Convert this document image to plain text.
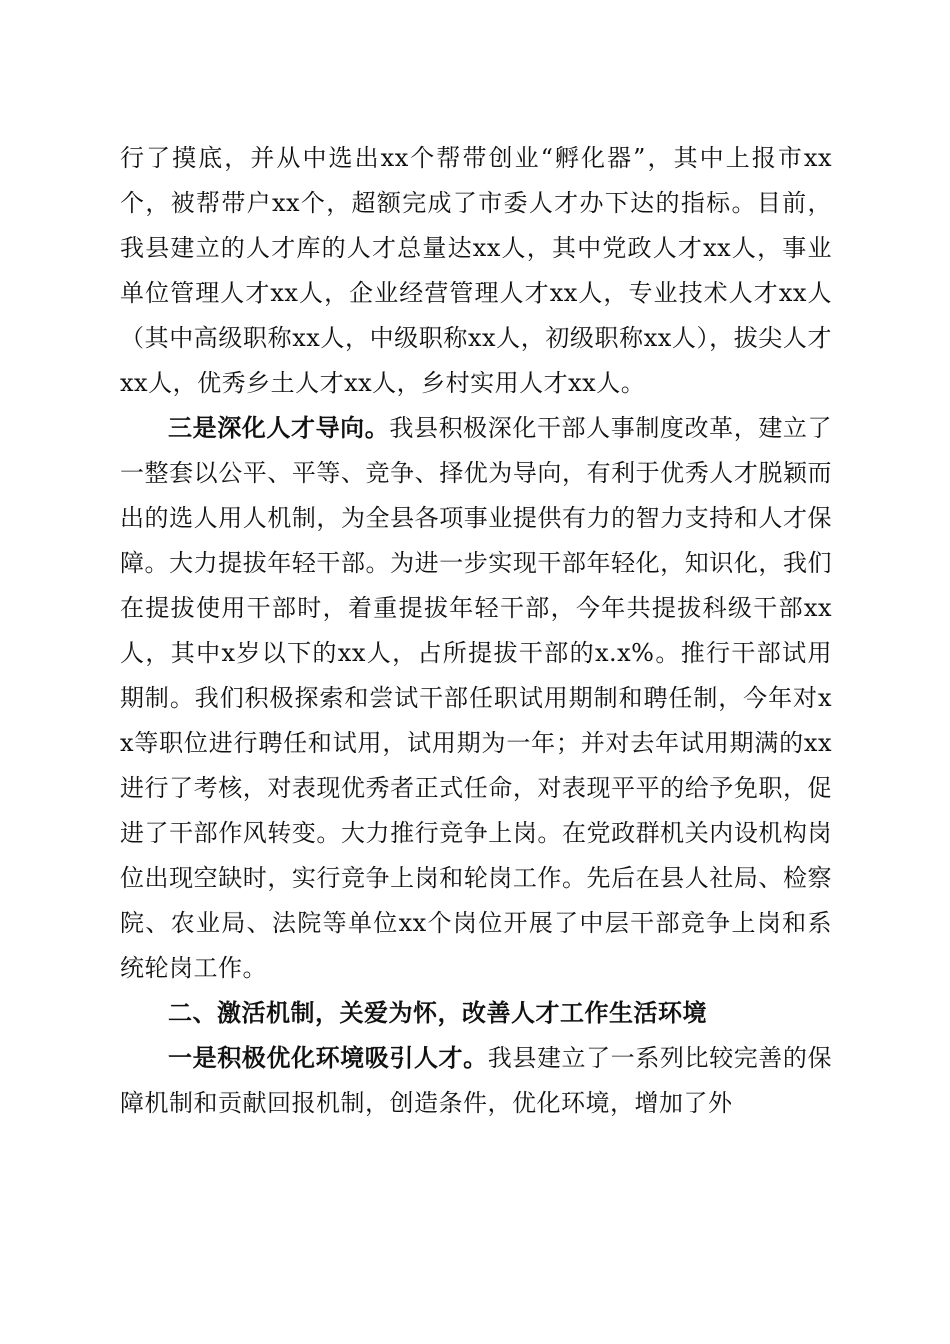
行了摸底，并从中选出xx个帮带创业“孵化器”，其中上报市xx个，被帮带户xx个，超额完成了市委人才办下达的指标。目前，我县建立的人才库的人才总量达xx人，其中党政人才xx人，事业单位管理人才xx人，企业经营管理人才xx人，专业技术人才xx人（其中高级职称xx人，中级职称xx人，初级职称xx人），拔尖人才xx人，优秀乡土人才xx人，乡村实用人才xx人。

三是深化人才导向。我县积极深化干部人事制度改革，建立了一整套以公平、平等、竞争、择优为导向，有利于优秀人才脱颖而出的选人用人机制，为全县各项事业提供有力的智力支持和人才保障。大力提拔年轻干部。为进一步实现干部年轻化，知识化，我们在提拔使用干部时，着重提拔年轻干部，今年共提拔科级干部xx人，其中x岁以下的xx人，占所提拔干部的x.x%。推行干部试用期制。我们积极探索和尝试干部任职试用期制和聘任制，今年对xx等职位进行聘任和试用，试用期为一年；并对去年试用期满的xx进行了考核，对表现优秀者正式任命，对表现平平的给予免职，促进了干部作风转变。大力推行竞争上岗。在党政群机关内设机构岗位出现空缺时，实行竞争上岗和轮岗工作。先后在县人社局、检察院、农业局、法院等单位xx个岗位开展了中层干部竞争上岗和系统轮岗工作。

二、激活机制，关爱为怀，改善人才工作生活环境

一是积极优化环境吸引人才。我县建立了一系列比较完善的保障机制和贡献回报机制，创造条件，优化环境，增加了外
